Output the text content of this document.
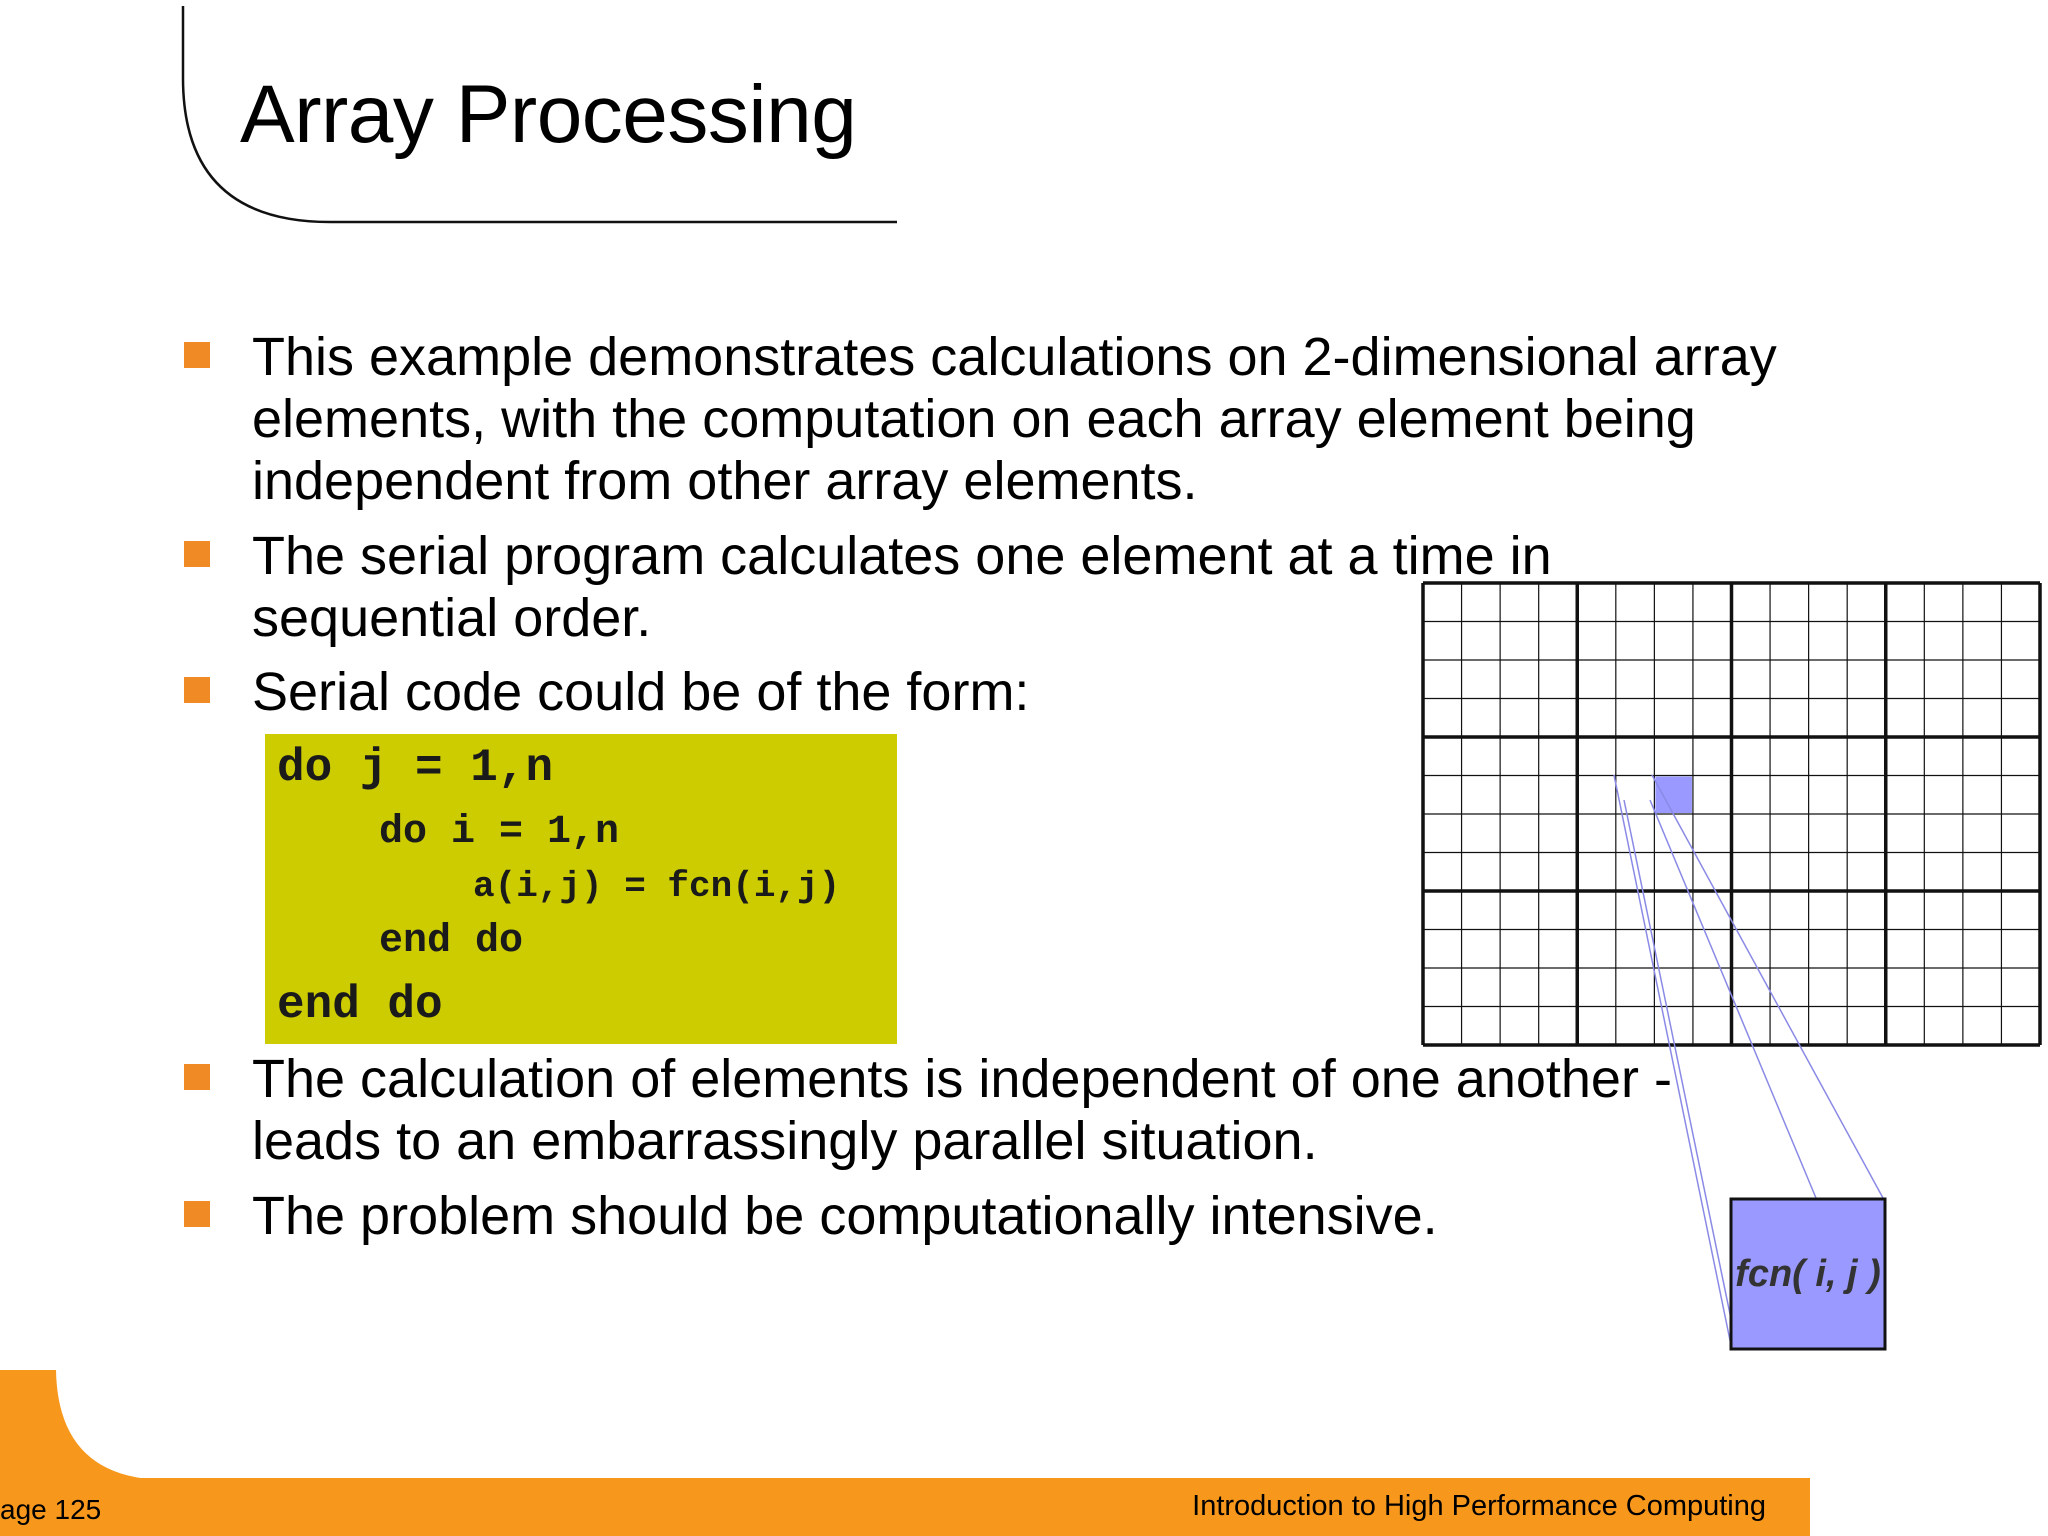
Array Processing

This example demonstrates calculations on 2-dimensional array
elements, with the computation on each array element being
independent from other array elements.

The serial program calculates one element at a time in
sequential order.

Serial code could be of the form:

do j = 1,n

do i = 1,n

a(i,j) = fcn(i,j)

end do

end do

The calculation of elements is independent of one another -
leads to an embarrassingly parallel situation.

The problem should be computationally intensive.

fcn( i, j )
age 125	Introduction to High Performance Computing
